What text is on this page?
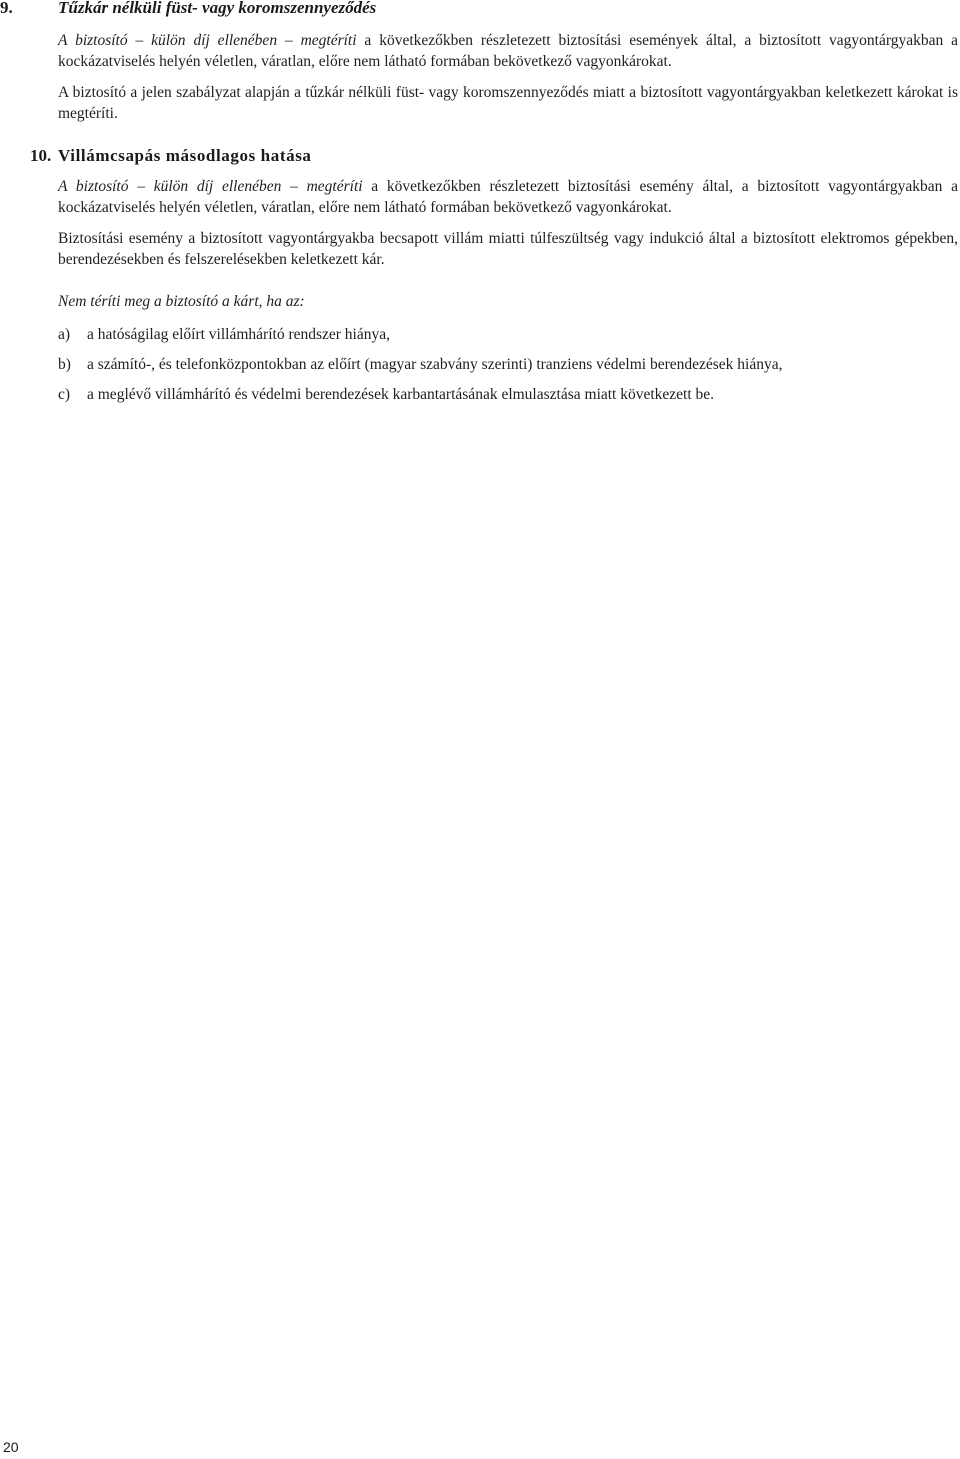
9.	Tűzkár nélküli füst- vagy koromszennyeződés
A biztosító – külön díj ellenében – megtéríti a következőkben részletezett biztosítási események által, a biztosított vagyontárgyakban a kockázatviselés helyén véletlen, váratlan, előre nem látható formában bekövetkező vagyonkárokat.
A biztosító a jelen szabályzat alapján a tűzkár nélküli füst- vagy koromszennyeződés miatt a biztosított vagyontárgyakban keletkezett károkat is megtéríti.
10. Villámcsapás másodlagos hatása
A biztosító – külön díj ellenében – megtéríti a következőkben részletezett biztosítási esemény által, a biztosított vagyontárgyakban a kockázatviselés helyén véletlen, váratlan, előre nem látható formában bekövetkező vagyonkárokat.
Biztosítási esemény a biztosított vagyontárgyakba becsapott villám miatti túlfeszültség vagy indukció által a biztosított elektromos gépekben, berendezésekben és felszerelésekben keletkezett kár.
Nem téríti meg a biztosító a kárt, ha az:
a) a hatóságilag előírt villámhárító rendszer hiánya,
b) a számító-, és telefonközpontokban az előírt (magyar szabvány szerinti) tranziens védelmi berendezések hiánya,
c) a meglévő villámhárító és védelmi berendezések karbantartásának elmulasztása miatt következett be.
20
